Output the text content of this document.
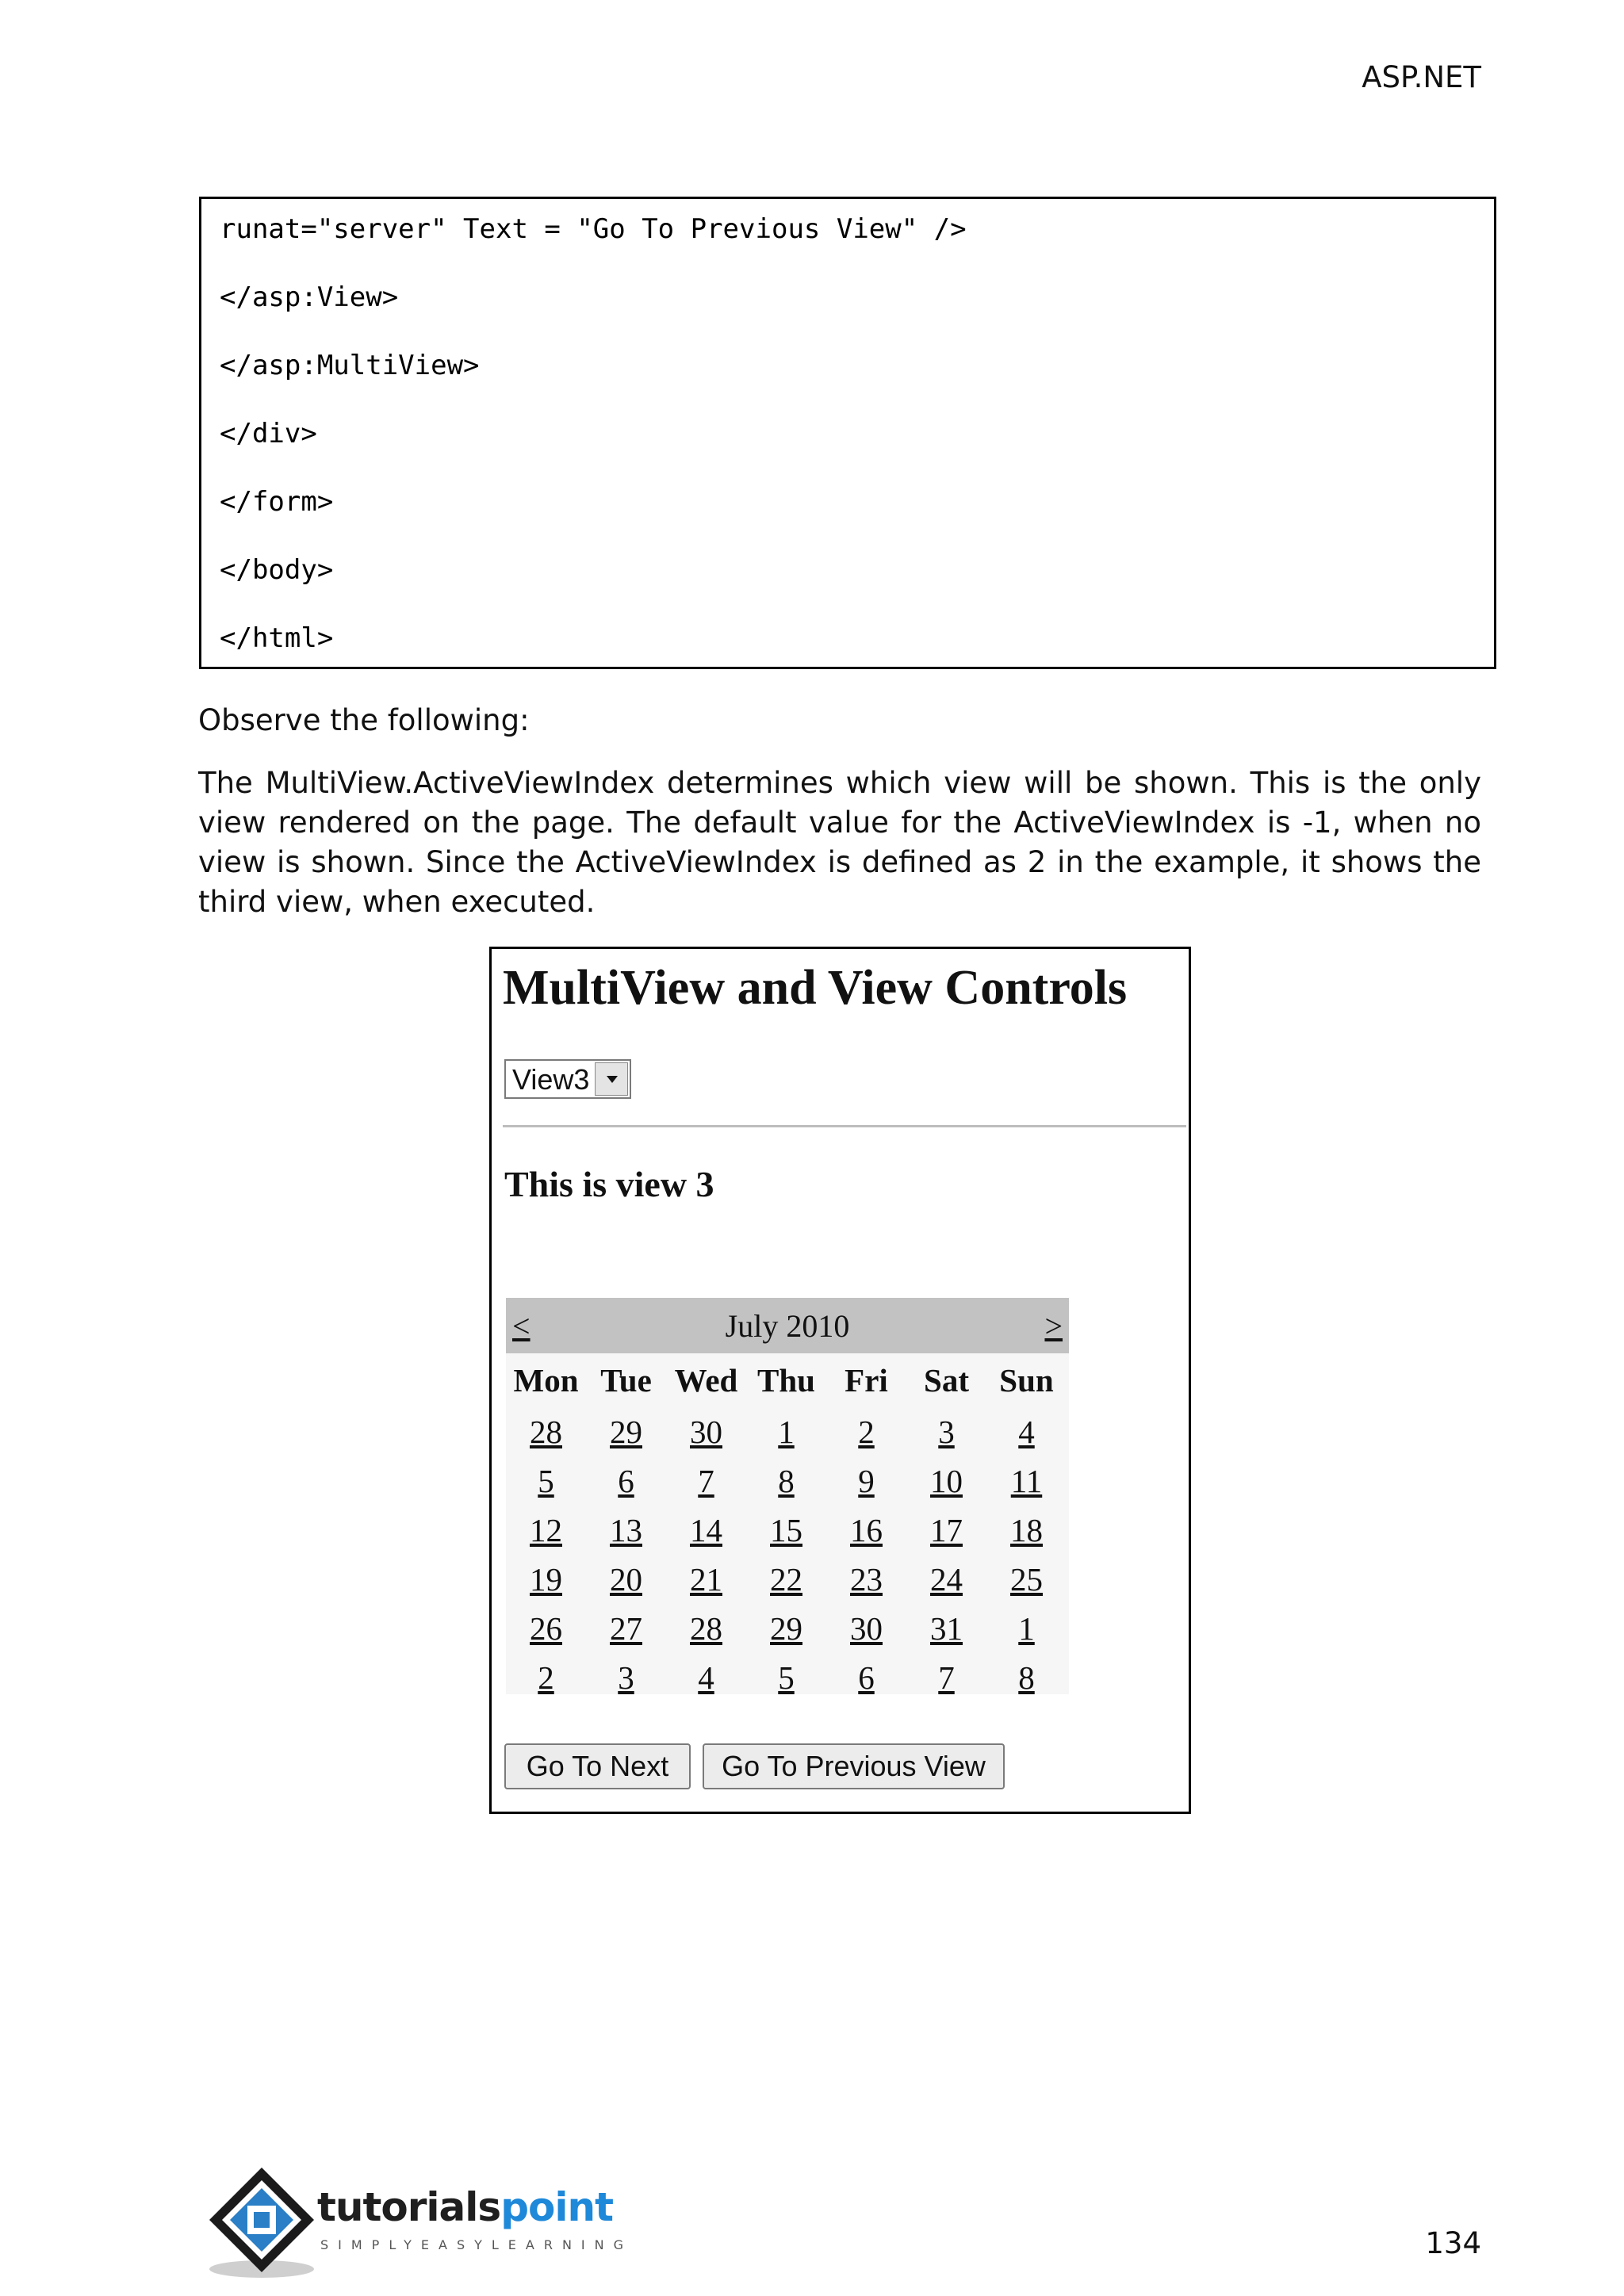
ASP.NET
runat="server" Text = "Go To Previous View" />
</asp:View>
</asp:MultiView>
</div>
</form>
</body>
</html>
Observe the following:
The MultiView.ActiveViewIndex determines which view will be shown. This is the only view rendered on the page. The default value for the ActiveViewIndex is -1, when no view is shown. Since the ActiveViewIndex is defined as 2 in the example, it shows the third view, when executed.
MultiView and View Controls
View3
This is view 3
<	July 2010	>
Mon Tue Wed Thu Fri	Sat Sun
28	29	30	1	2	3	4
5	6	7	8	9	10	11
12	13	14	15	16	17	18
19	20	21	22	23	24	25
26	27	28	29	30	31	1
2	3	4	5	6	7	8
Go To Next	Go To Previous View
tutorialspoint
SIMPLYEASYLEARNING	134
